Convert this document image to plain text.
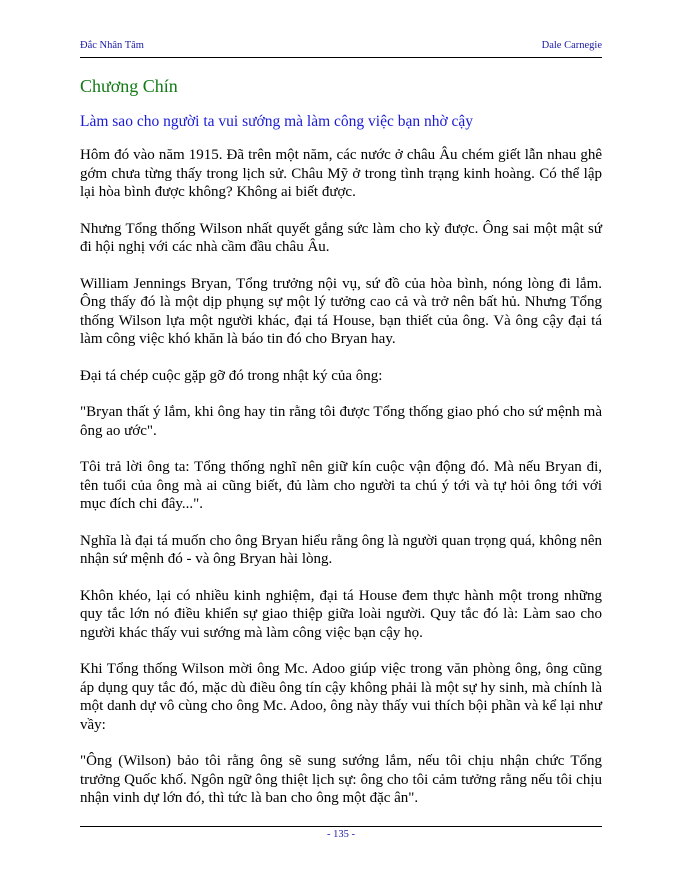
Đắc Nhân Tâm	Dale Carnegie
Chương Chín
Làm sao cho người ta vui sướng mà làm công việc bạn nhờ cậy

Hôm đó vào năm 1915. Đã trên một năm, các nước ở châu Âu chém giết lẫn nhau ghê gớm chưa từng thấy trong lịch sử. Châu Mỹ ở trong tình trạng kinh hoàng. Có thể lập lại hòa bình được không? Không ai biết được.

Nhưng Tổng thống Wilson nhất quyết gắng sức làm cho kỳ được. Ông sai một mật sứ đi hội nghị với các nhà cầm đầu châu Âu.

William Jennings Bryan, Tổng trưởng nội vụ, sứ đồ của hòa bình, nóng lòng đi lắm. Ông thấy đó là một dịp phụng sự một lý tưởng cao cả và trở nên bất hủ. Nhưng Tổng thống Wilson lựa một người khác, đại tá House, bạn thiết của ông. Và ông cậy đại tá làm công việc khó khăn là báo tin đó cho Bryan hay.

Đại tá chép cuộc gặp gỡ đó trong nhật ký của ông:

"Bryan thất ý lắm, khi ông hay tin rằng tôi được Tổng thống giao phó cho sứ mệnh mà ông ao ước".

Tôi trả lời ông ta: Tổng thống nghĩ nên giữ kín cuộc vận động đó. Mà nếu Bryan đi, tên tuổi của ông mà ai cũng biết, đủ làm cho người ta chú ý tới và tự hỏi ông tới với mục đích chi đây...".

Nghĩa là đại tá muốn cho ông Bryan hiểu rằng ông là người quan trọng quá, không nên nhận sứ mệnh đó - và ông Bryan hài lòng.

Khôn khéo, lại có nhiều kinh nghiệm, đại tá House đem thực hành một trong những quy tắc lớn nó điều khiển sự giao thiệp giữa loài người. Quy tắc đó là: Làm sao cho người khác thấy vui sướng mà làm công việc bạn cậy họ.

Khi Tổng thống Wilson mời ông Mc. Adoo giúp việc trong văn phòng ông, ông cũng áp dụng quy tắc đó, mặc dù điều ông tín cậy không phải là một sự hy sinh, mà chính là một danh dự vô cùng cho ông Mc. Adoo, ông này thấy vui thích bội phần và kể lại như vầy:

"Ông (Wilson) bảo tôi rằng ông sẽ sung sướng lắm, nếu tôi chịu nhận chức Tổng trưởng Quốc khố. Ngôn ngữ ông thiệt lịch sự: ông cho tôi cảm tưởng rằng nếu tôi chịu nhận vinh dự lớn đó, thì tức là ban cho ông một đặc ân".

- 135 -
